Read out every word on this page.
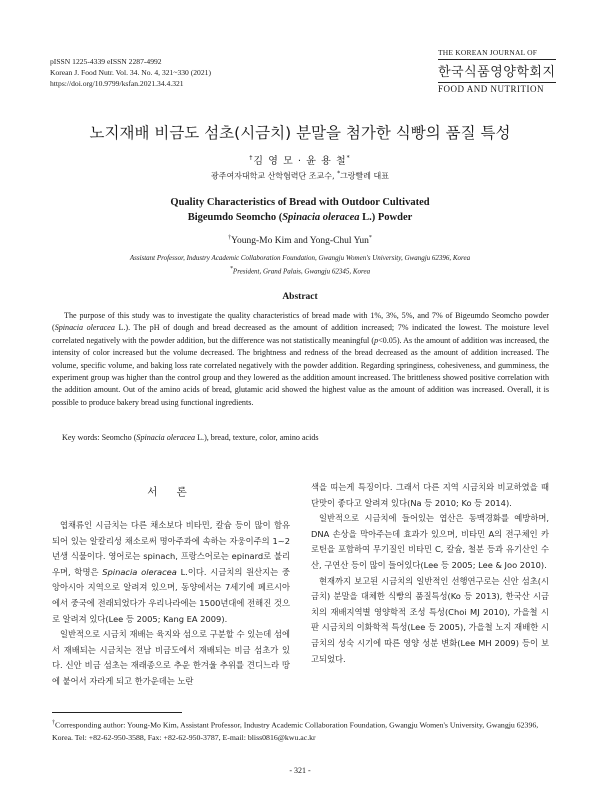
pISSN 1225-4339 eISSN 2287-4992
Korean J. Food Nutr. Vol. 34. No. 4, 321~330 (2021)
https://doi.org/10.9799/ksfan.2021.34.4.321
THE KOREAN JOURNAL OF
한국식품영양학회지
FOOD AND NUTRITION
노지재배 비금도 섬초(시금치) 분말을 첨가한 식빵의 품질 특성
†김 영 모 · 윤 용 철*
광주여자대학교 산학협력단 조교수, *그랑빨레 대표
Quality Characteristics of Bread with Outdoor Cultivated
Bigeumdo Seomcho (Spinacia oleracea L.) Powder
†Young-Mo Kim and Yong-Chul Yun*
Assistant Professor, Industry Academic Collaboration Foundation, Gwangju Women's University, Gwangju 62396, Korea
*President, Grand Palais, Gwangju 62345, Korea
Abstract
The purpose of this study was to investigate the quality characteristics of bread made with 1%, 3%, 5%, and 7% of Bigeumdo Seomcho powder (Spinacia oleracea L.). The pH of dough and bread decreased as the amount of addition increased; 7% indicated the lowest. The moisture level correlated negatively with the powder addition, but the difference was not statistically meaningful (p<0.05). As the amount of addition was increased, the intensity of color increased but the volume decreased. The brightness and redness of the bread decreased as the amount of addition increased. The volume, specific volume, and baking loss rate correlated negatively with the powder addition. Regarding springiness, cohesiveness, and gumminess, the experiment group was higher than the control group and they lowered as the addition amount increased. The brittleness showed positive correlation with the addition amount. Out of the amino acids of bread, glutamic acid showed the highest value as the amount of addition was increased. Overall, it is possible to produce bakery bread using functional ingredients.
Key words: Seomcho (Spinacia oleracea L.), bread, texture, color, amino acids
서 론

엽채류인 시금치는 다른 채소보다 비타민, 칼슘 등이 많이 함유되어 있는 알칼리성 채소로써 명아주과에 속하는 자웅이주의 1~2년생 식물이다. 영어로는 spinach, 프랑스어로는 epinard로 불리우며, 학명은 Spinacia oleracea L.이다. 시금치의 원산지는 중앙아시아 지역으로 알려져 있으며, 동양에서는 7세기에 페르시아에서 중국에 전래되었다가 우리나라에는 1500년대에 전해진 것으로 알려져 있다(Lee 등 2005; Kang EA 2009).

일반적으로 시금치 재배는 육지와 섬으로 구분할 수 있는데 섬에서 재배되는 시금치는 전남 비금도에서 재배되는 비금 섬초가 있다. 신안 비금 섬초는 재래종으로 추운 한겨울 추위를 견디느라 땅에 붙어서 자라게 되고 한가운데는 노란

색을 띠는게 특징이다. 그래서 다른 지역 시금치와 비교하였을 때 단맛이 좋다고 알려져 있다(Na 등 2010; Ko 등 2014).

일반적으로 시금치에 들어있는 엽산은 동맥경화를 예방하며, DNA 손상을 막아주는데 효과가 있으며, 비타민 A의 전구체인 카로틴을 포함하여 무기질인 비타민 C, 칼슘, 철분 등과 유기산인 수산, 구연산 등이 많이 들어있다(Lee 등 2005; Lee & Joo 2010).

현재까지 보고된 시금치의 일반적인 선행연구로는 신안 섬초(시금치) 분말을 대체한 식빵의 품질특성(Ko 등 2013), 한국산 시금치의 재배지역별 영양학적 조성 특성(Choi MJ 2010), 가을철 시판 시금치의 이화학적 특성(Lee 등 2005), 가을철 노지 재배한 시금치의 성숙 시기에 따른 영양 성분 변화(Lee MH 2009) 등이 보고되었다.

†Corresponding author: Young-Mo Kim, Assistant Professor, Industry Academic Collaboration Foundation, Gwangju Women's University, Gwangju 62396, Korea. Tel: +82-62-950-3588, Fax: +82-62-950-3787, E-mail: bliss0816@kwu.ac.kr
- 321 -
